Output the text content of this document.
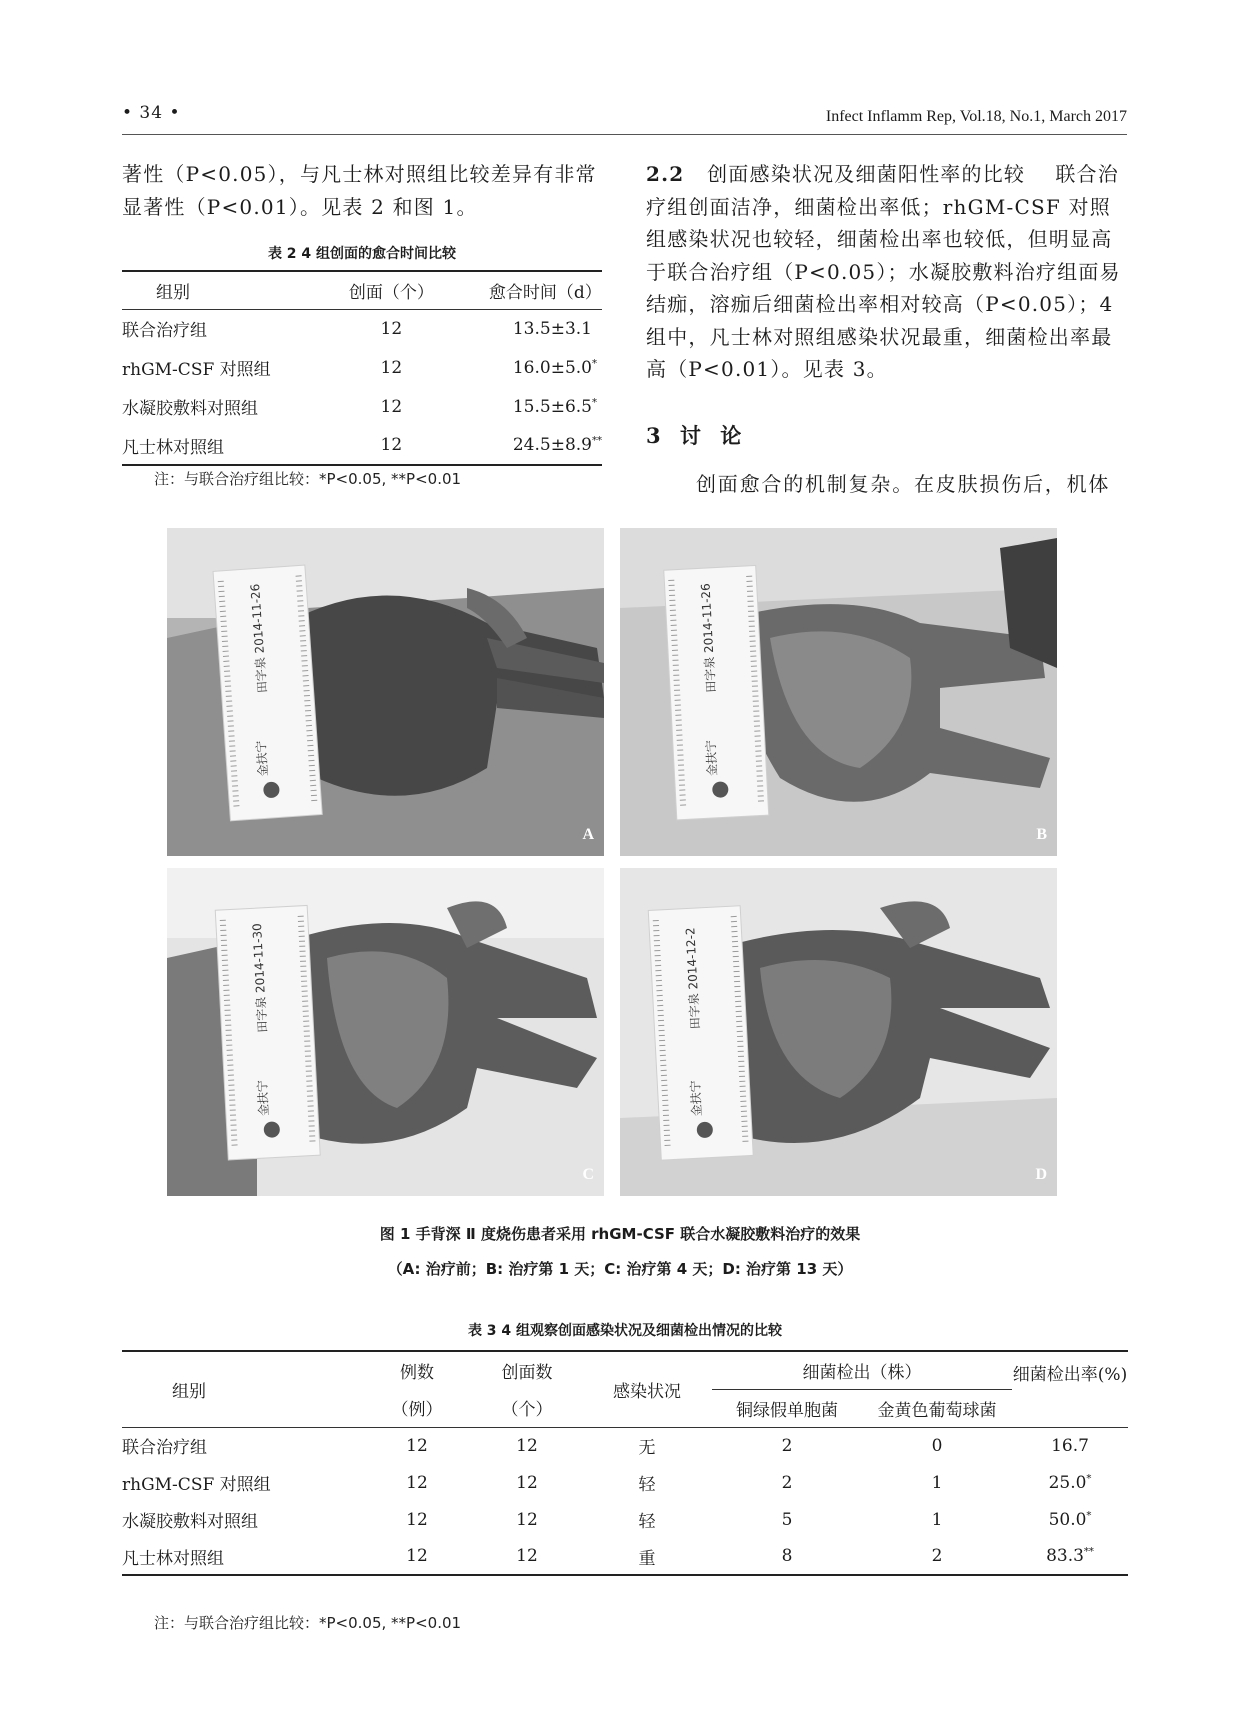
• 34 •	Infect Inflamm Rep, Vol.18, No.1, March 2017

著性（P<0.05），与凡士林对照组比较差异有非常

显著性（P<0.01）。见表 2 和图 1。

表 2 4 组创面的愈合时间比较
组别	创面（个）	愈合时间（d）
联合治疗组	12	13.5±3.1
rhGM-CSF 对照组	12	16.0±5.0*
水凝胶敷料对照组	12	15.5±6.5*
凡士林对照组	12	24.5±8.9**
注：与联合治疗组比较：*P<0.05, **P<0.01

2.2 创面感染状况及细菌阳性率的比较 联合治

疗组创面洁净，细菌检出率低；rhGM-CSF 对照

组感染状况也较轻，细菌检出率也较低，但明显高

于联合治疗组（P<0.05）；水凝胶敷料治疗组面易

结痂，溶痂后细菌检出率相对较高（P<0.05）；4

组中，凡士林对照组感染状况最重，细菌检出率最

高（P<0.01）。见表 3。

3 讨 论
创面愈合的机制复杂。在皮肤损伤后，机体
田字泉 2014-11-26
金扶宁
A
田字泉 2014-11-26
金扶宁
B
田字泉 2014-11-30
金扶宁
C
田字泉 2014-12-2
金扶宁
D
图 1 手背深 Ⅱ 度烧伤患者采用 rhGM-CSF 联合水凝胶敷料治疗的效果
（A: 治疗前；B: 治疗第 1 天；C: 治疗第 4 天；D: 治疗第 13 天）
表 3 4 组观察创面感染状况及细菌检出情况的比较
组别	例数	创面数	感染状况	细菌检出（株）		细菌检出率(%)
	（例）	（个）		铜绿假单胞菌	金黄色葡萄球菌	
联合治疗组	12	12	无	2	0	16.7
rhGM-CSF 对照组	12	12	轻	2	1	25.0*
水凝胶敷料对照组	12	12	轻	5	1	50.0*
凡士林对照组	12	12	重	8	2	83.3**
注：与联合治疗组比较：*P<0.05, **P<0.01
